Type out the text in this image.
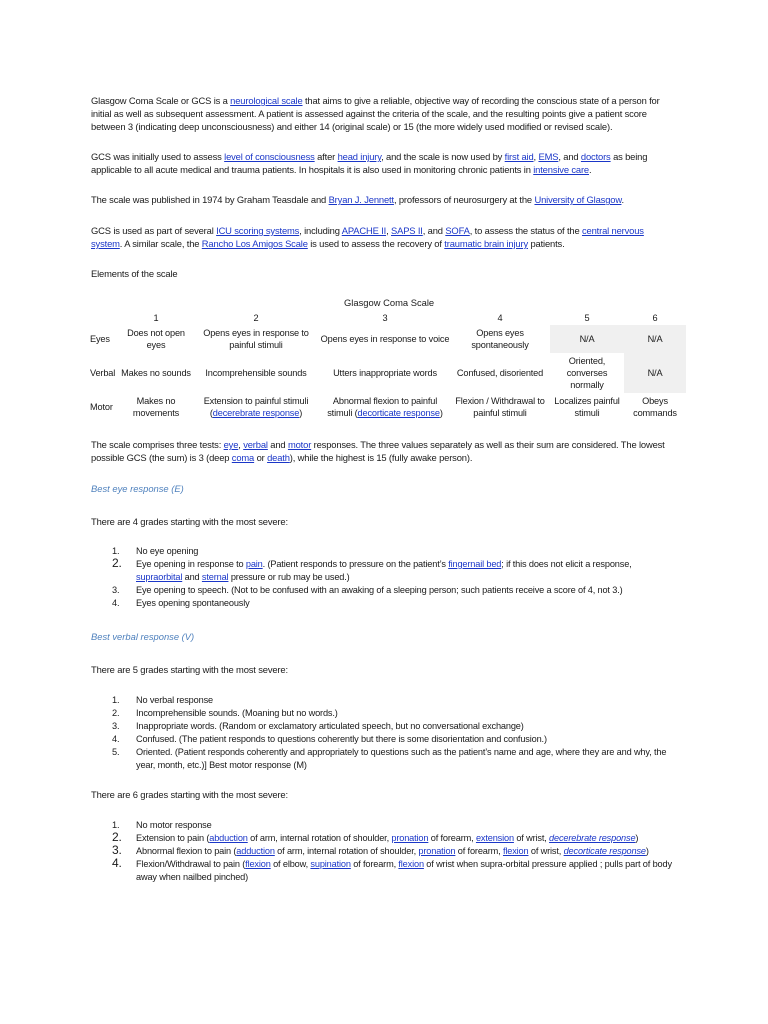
Glasgow Coma Scale or GCS is a neurological scale that aims to give a reliable, objective way of recording the conscious state of a person for initial as well as subsequent assessment. A patient is assessed against the criteria of the scale, and the resulting points give a patient score between 3 (indicating deep unconsciousness) and either 14 (original scale) or 15 (the more widely used modified or revised scale).

GCS was initially used to assess level of consciousness after head injury, and the scale is now used by first aid, EMS, and doctors as being applicable to all acute medical and trauma patients. In hospitals it is also used in monitoring chronic patients in intensive care.

The scale was published in 1974 by Graham Teasdale and Bryan J. Jennett, professors of neurosurgery at the University of Glasgow.

GCS is used as part of several ICU scoring systems, including APACHE II, SAPS II, and SOFA, to assess the status of the central nervous system. A similar scale, the Rancho Los Amigos Scale is used to assess the recovery of traumatic brain injury patients.

Elements of the scale

Glasgow Coma Scale
	1	2	3	4	5	6
Eyes	Does not open eyes	Opens eyes in response to painful stimuli	Opens eyes in response to voice	Opens eyes spontaneously	N/A	N/A
Verbal	Makes no sounds	Incomprehensible sounds	Utters inappropriate words	Confused, disoriented	Oriented, converses normally	N/A
Motor	Makes no movements	Extension to painful stimuli (decerebrate response)	Abnormal flexion to painful stimuli (decorticate response)	Flexion / Withdrawal to painful stimuli	Localizes painful stimuli	Obeys commands

The scale comprises three tests: eye, verbal and motor responses. The three values separately as well as their sum are considered. The lowest possible GCS (the sum) is 3 (deep coma or death), while the highest is 15 (fully awake person).

Best eye response (E)

There are 4 grades starting with the most severe:

1. No eye opening
2. Eye opening in response to pain. (Patient responds to pressure on the patient’s fingernail bed; if this does not elicit a response, supraorbital and sternal pressure or rub may be used.)
3. Eye opening to speech. (Not to be confused with an awaking of a sleeping person; such patients receive a score of 4, not 3.)
4. Eyes opening spontaneously

Best verbal response (V)

There are 5 grades starting with the most severe:

1. No verbal response
2. Incomprehensible sounds. (Moaning but no words.)
3. Inappropriate words. (Random or exclamatory articulated speech, but no conversational exchange)
4. Confused. (The patient responds to questions coherently but there is some disorientation and confusion.)
5. Oriented. (Patient responds coherently and appropriately to questions such as the patient’s name and age, where they are and why, the year, month, etc.)] Best motor response (M)

There are 6 grades starting with the most severe:

1. No motor response
2. Extension to pain (abduction of arm, internal rotation of shoulder, pronation of forearm, extension of wrist, decerebrate response)
3. Abnormal flexion to pain (adduction of arm, internal rotation of shoulder, pronation of forearm, flexion of wrist, decorticate response)
4. Flexion/Withdrawal to pain (flexion of elbow, supination of forearm, flexion of wrist when supra-orbital pressure applied ; pulls part of body away when nailbed pinched)
